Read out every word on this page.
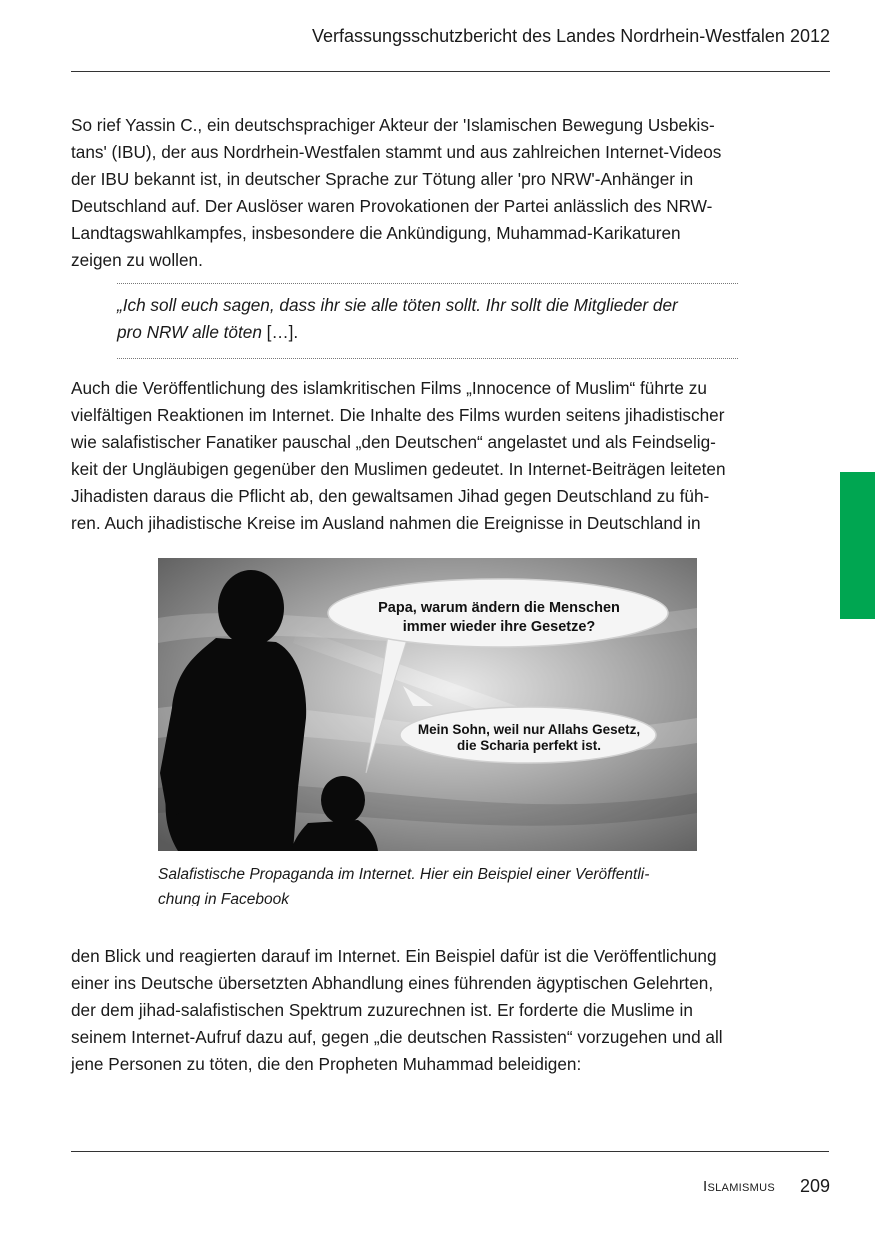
Verfassungsschutzbericht des Landes Nordrhein-Westfalen 2012
So rief Yassin C., ein deutschsprachiger Akteur der 'Islamischen Bewegung Usbekis-
tans' (IBU), der aus Nordrhein-Westfalen stammt und aus zahlreichen Internet-Videos
der IBU bekannt ist, in deutscher Sprache zur Tötung aller 'pro NRW'-Anhänger in
Deutschland auf. Der Auslöser waren Provokationen der Partei anlässlich des NRW-
Landtagswahlkampfes, insbesondere die Ankündigung, Muhammad-Karikaturen
zeigen zu wollen.
„Ich soll euch sagen, dass ihr sie alle töten sollt. Ihr sollt die Mitglieder der
pro NRW alle töten […].
Auch die Veröffentlichung des islamkritischen Films „Innocence of Muslim“ führte zu
vielfältigen Reaktionen im Internet. Die Inhalte des Films wurden seitens jihadistischer
wie salafistischer Fanatiker pauschal „den Deutschen“ angelastet und als Feindselig-
keit der Ungläubigen gegenüber den Muslimen gedeutet. In Internet-Beiträgen leiteten
Jihadisten daraus die Pflicht ab, den gewaltsamen Jihad gegen Deutschland zu füh-
ren. Auch jihadistische Kreise im Ausland nahmen die Ereignisse in Deutschland in
Papa, warum ändern die Menschen
immer wieder ihre Gesetze?
Mein Sohn, weil nur Allahs Gesetz,
die Scharia perfekt ist.
Salafistische Propaganda im Internet. Hier ein Beispiel einer Veröffentli-
chung in Facebook
den Blick und reagierten darauf im Internet. Ein Beispiel dafür ist die Veröffentlichung
einer ins Deutsche übersetzten Abhandlung eines führenden ägyptischen Gelehrten,
der dem jihad-salafistischen Spektrum zuzurechnen ist. Er forderte die Muslime in
seinem Internet-Aufruf dazu auf, gegen „die deutschen Rassisten“ vorzugehen und all
jene Personen zu töten, die den Propheten Muhammad beleidigen:
Islamismus 209
